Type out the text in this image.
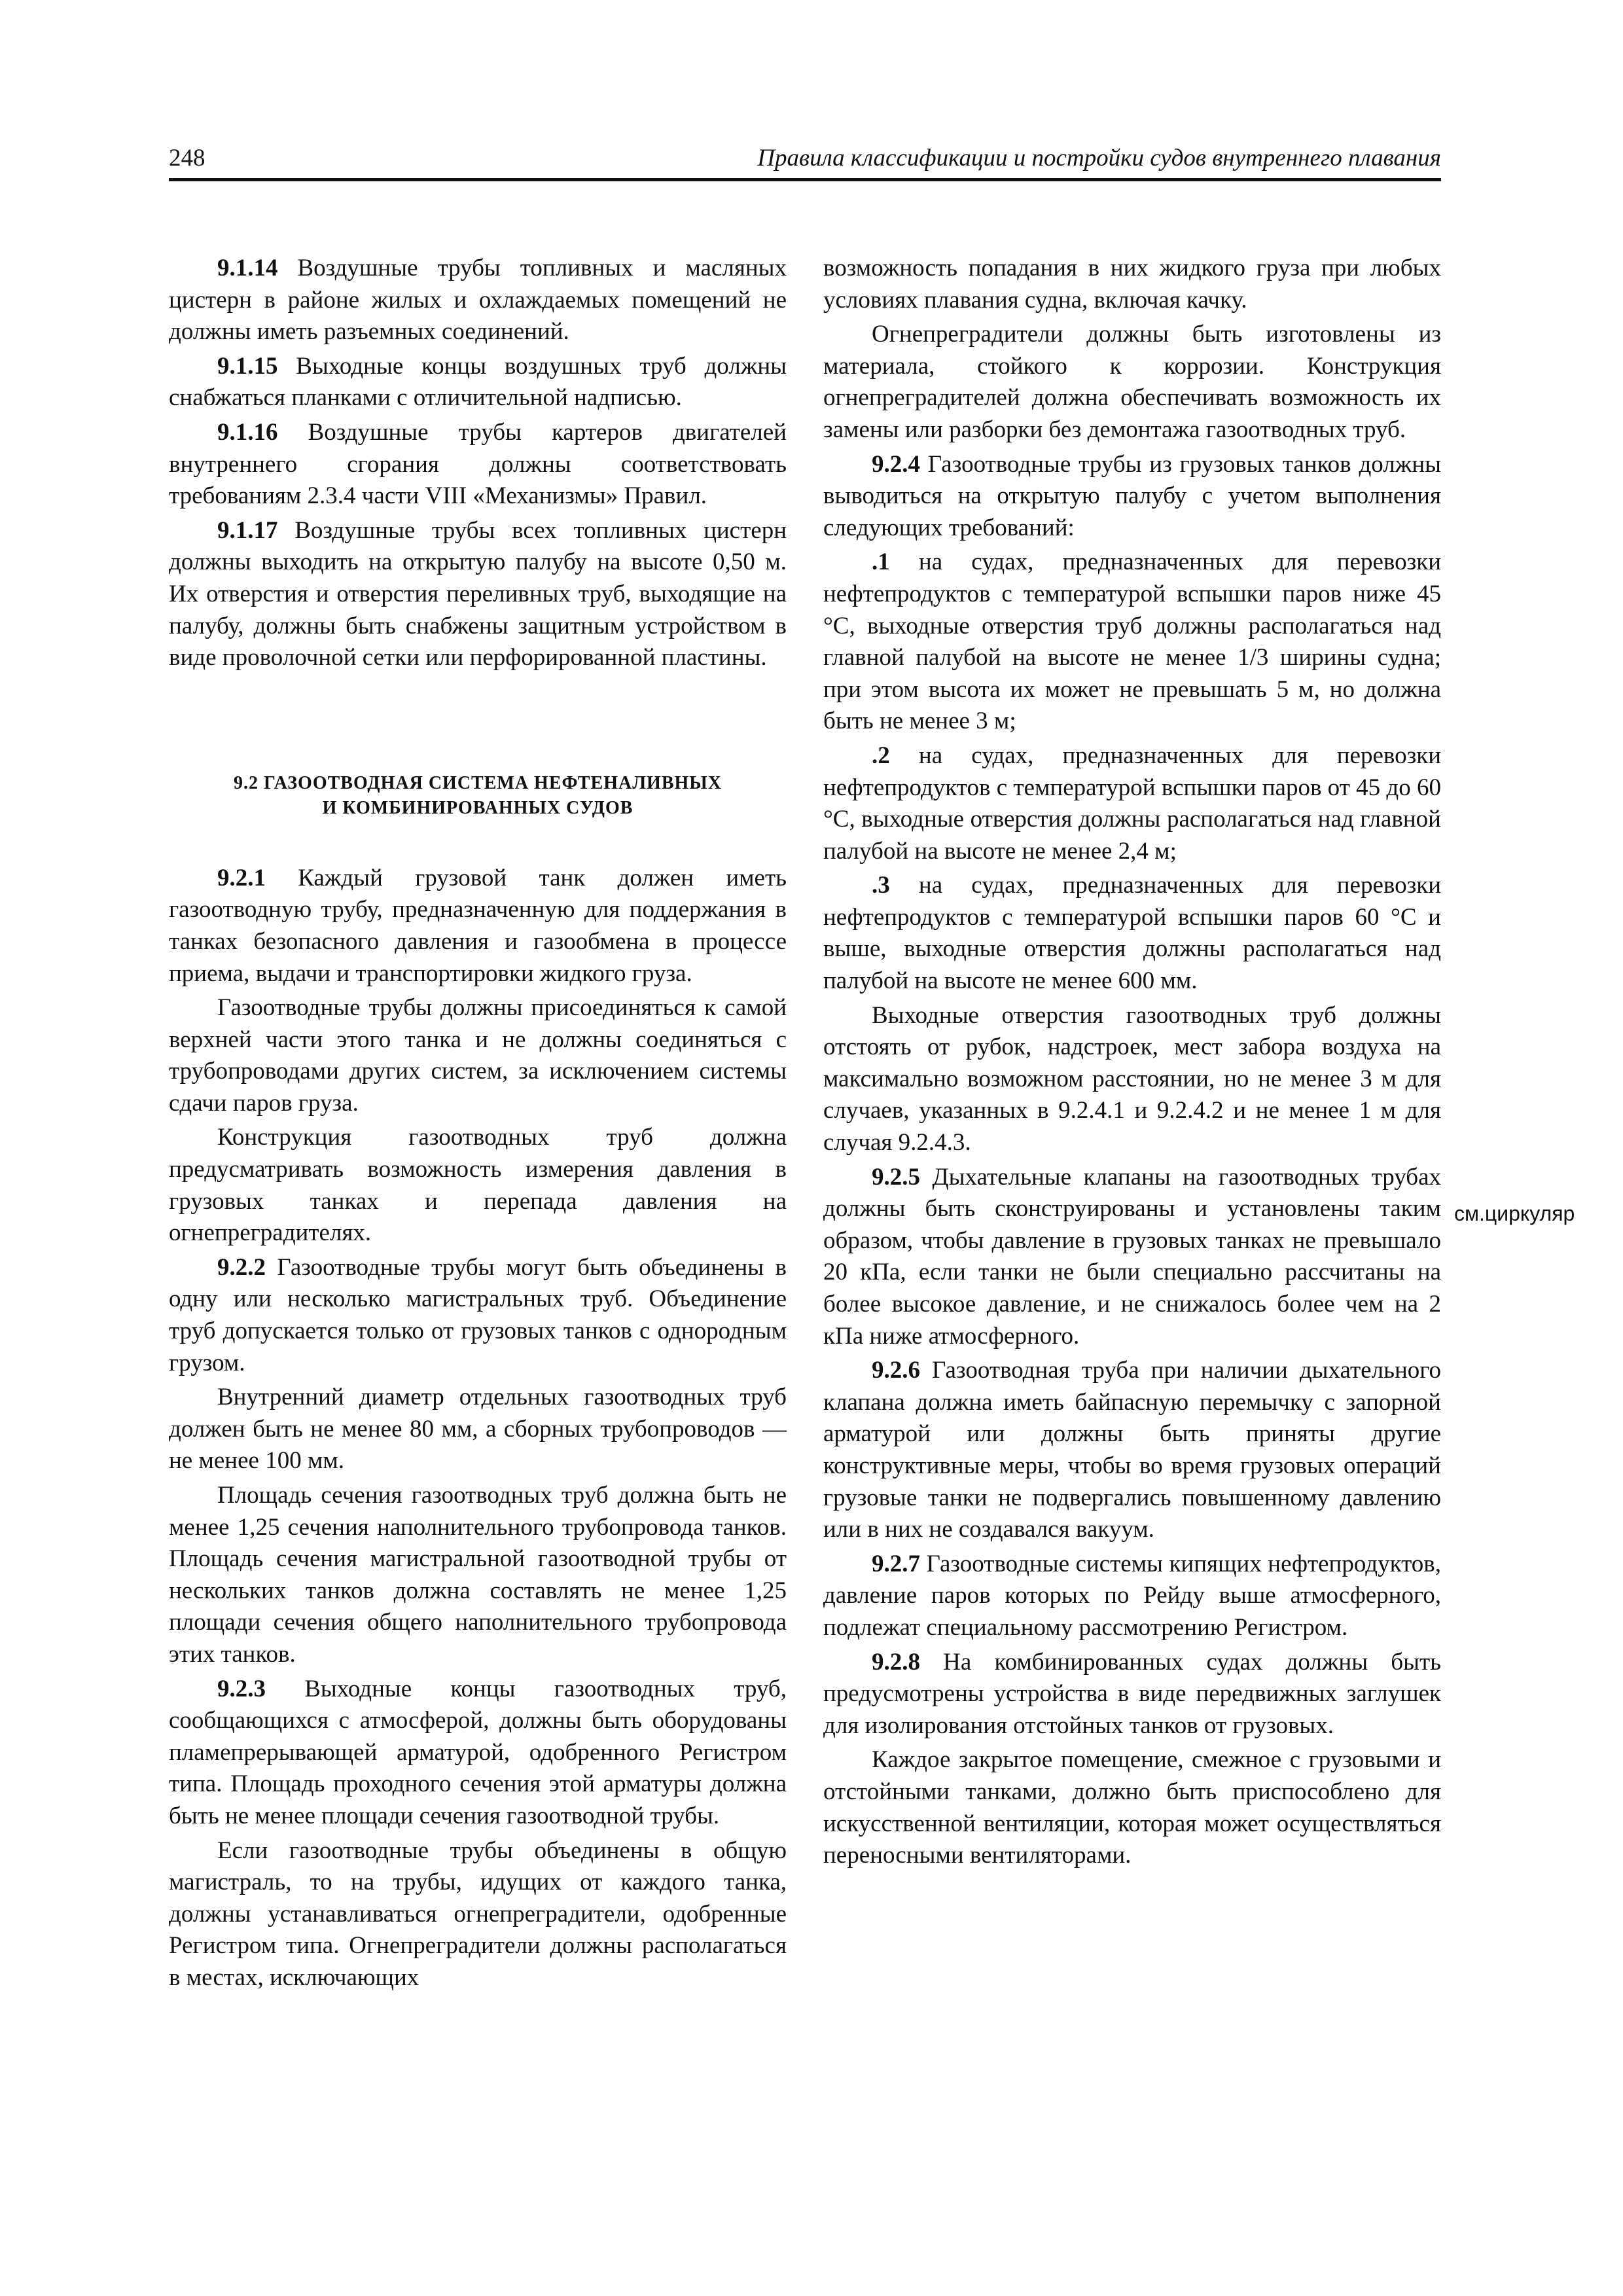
248	Правила классификации и постройки судов внутреннего плавания

9.1.14 Воздушные трубы топливных и масляных цистерн в районе жилых и охлаждаемых помещений не должны иметь разъемных соединений.

9.1.15 Выходные концы воздушных труб должны снабжаться планками с отличительной надписью.

9.1.16 Воздушные трубы картеров двигателей внутреннего сгорания должны соответствовать требованиям 2.3.4 части VIII «Механизмы» Правил.

9.1.17 Воздушные трубы всех топливных цистерн должны выходить на открытую палубу на высоте 0,50 м. Их отверстия и отверстия переливных труб, выходящие на палубу, должны быть снабжены защитным устройством в виде проволочной сетки или перфорированной пластины.

9.2 ГАЗООТВОДНАЯ СИСТЕМА НЕФТЕНАЛИВНЫХ
И КОМБИНИРОВАННЫХ СУДОВ

9.2.1 Каждый грузовой танк должен иметь газоотводную трубу, предназначенную для поддержания в танках безопасного давления и газообмена в процессе приема, выдачи и транспортировки жидкого груза.

Газоотводные трубы должны присоединяться к самой верхней части этого танка и не должны соединяться с трубопроводами других систем, за исключением системы сдачи паров груза.

Конструкция газоотводных труб должна предусматривать возможность измерения давления в грузовых танках и перепада давления на огнепреградителях.

9.2.2 Газоотводные трубы могут быть объединены в одну или несколько магистральных труб. Объединение труб допускается только от грузовых танков с однородным грузом.

Внутренний диаметр отдельных газоотводных труб должен быть не менее 80 мм, а сборных трубопроводов — не менее 100 мм.

Площадь сечения газоотводных труб должна быть не менее 1,25 сечения наполнительного трубопровода танков. Площадь сечения магистральной газоотводной трубы от нескольких танков должна составлять не менее 1,25 площади сечения общего наполнительного трубопровода этих танков.

9.2.3 Выходные концы газоотводных труб, сообщающихся с атмосферой, должны быть оборудованы пламепрерывающей арматурой, одобренного Регистром типа. Площадь проходного сечения этой арматуры должна быть не менее площади сечения газоотводной трубы.

Если газоотводные трубы объединены в общую магистраль, то на трубы, идущих от каждого танка, должны устанавливаться огнепреградители, одобренные Регистром типа. Огнепреградители должны располагаться в местах, исключающих

возможность попадания в них жидкого груза при любых условиях плавания судна, включая качку.

Огнепреградители должны быть изготовлены из материала, стойкого к коррозии. Конструкция огнепреградителей должна обеспечивать возможность их замены или разборки без демонтажа газоотводных труб.

9.2.4 Газоотводные трубы из грузовых танков должны выводиться на открытую палубу с учетом выполнения следующих требований:

.1 на судах, предназначенных для перевозки нефтепродуктов с температурой вспышки паров ниже 45 °С, выходные отверстия труб должны располагаться над главной палубой на высоте не менее 1/3 ширины судна; при этом высота их может не превышать 5 м, но должна быть не менее 3 м;

.2 на судах, предназначенных для перевозки нефтепродуктов с температурой вспышки паров от 45 до 60 °С, выходные отверстия должны располагаться над главной палубой на высоте не менее 2,4 м;

.3 на судах, предназначенных для перевозки нефтепродуктов с температурой вспышки паров 60 °С и выше, выходные отверстия должны располагаться над палубой на высоте не менее 600 мм.

Выходные отверстия газоотводных труб должны отстоять от рубок, надстроек, мест забора воздуха на максимально возможном расстоянии, но не менее 3 м для случаев, указанных в 9.2.4.1 и 9.2.4.2 и не менее 1 м для случая 9.2.4.3.

9.2.5 Дыхательные клапаны на газоотводных трубах должны быть сконструированы и установлены таким образом, чтобы давление в грузовых танках не превышало 20 кПа, если танки не были специально рассчитаны на более высокое давление, и не снижалось более чем на 2 кПа ниже атмосферного.

9.2.6 Газоотводная труба при наличии дыхательного клапана должна иметь байпасную перемычку с запорной арматурой или должны быть приняты другие конструктивные меры, чтобы во время грузовых операций грузовые танки не подвергались повышенному давлению или в них не создавался вакуум.

9.2.7 Газоотводные системы кипящих нефтепродуктов, давление паров которых по Рейду выше атмосферного, подлежат специальному рассмотрению Регистром.

9.2.8 На комбинированных судах должны быть предусмотрены устройства в виде передвижных заглушек для изолирования отстойных танков от грузовых.

Каждое закрытое помещение, смежное с грузовыми и отстойными танками, должно быть приспособлено для искусственной вентиляции, которая может осуществляться переносными вентиляторами.

см.циркуляр
